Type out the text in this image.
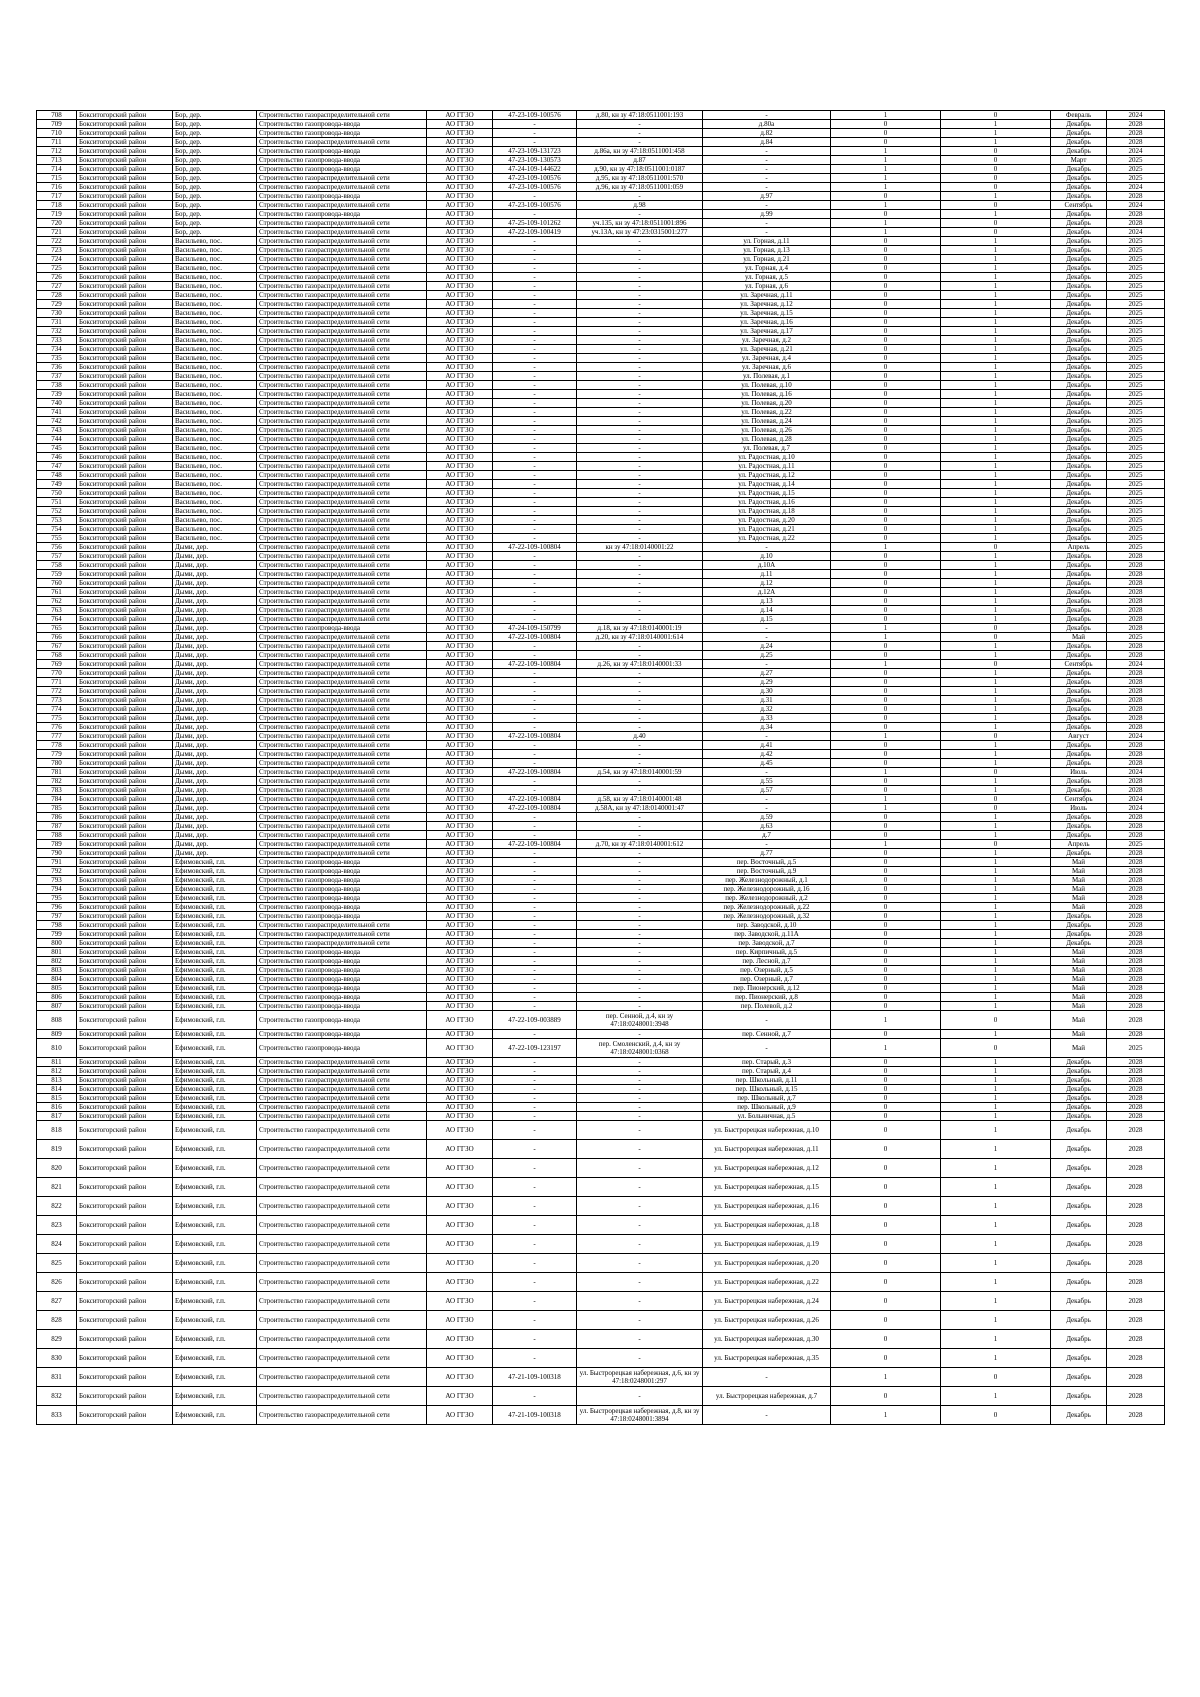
708	Бокситогорский район	Бор, дер.	Строительство газораспределительной сети	АО ГГЗО	47-23-109-100576	д.80, кн зу 47:18:0511001:193	-	1	0	Февраль	2024
709	Бокситогорский район	Бор, дер.	Строительство газопровода-ввода	АО ГГЗО	-	-	д.80а	0	1	Декабрь	2028
710	Бокситогорский район	Бор, дер.	Строительство газопровода-ввода	АО ГГЗО	-	-	д.82	0	1	Декабрь	2028
711	Бокситогорский район	Бор, дер.	Строительство газораспределительной сети	АО ГГЗО	-	-	д.84	0	1	Декабрь	2028
712	Бокситогорский район	Бор, дер.	Строительство газопровода-ввода	АО ГГЗО	47-23-109-131723	д.86а, кн зу 47:18:0511001:458	-	1	0	Декабрь	2024
713	Бокситогорский район	Бор, дер.	Строительство газопровода-ввода	АО ГГЗО	47-23-109-130573	д.87	-	1	0	Март	2025
714	Бокситогорский район	Бор, дер.	Строительство газопровода-ввода	АО ГГЗО	47-24-109-144622	д.90, кн зу 47:18:0511001:0187	-	1	0	Декабрь	2025
715	Бокситогорский район	Бор, дер.	Строительство газораспределительной сети	АО ГГЗО	47-23-109-100576	д.95, кн зу 47:18:0511001:570	-	1	0	Декабрь	2025
716	Бокситогорский район	Бор, дер.	Строительство газораспределительной сети	АО ГГЗО	47-23-109-100576	д.96, кн зу 47:18:0511001:059	-	1	0	Декабрь	2024
717	Бокситогорский район	Бор, дер.	Строительство газопровода-ввода	АО ГГЗО	-	-	д.97	0	1	Декабрь	2028
718	Бокситогорский район	Бор, дер.	Строительство газораспределительной сети	АО ГГЗО	47-23-109-100576	д.98	-	1	0	Сентябрь	2024
719	Бокситогорский район	Бор, дер.	Строительство газопровода-ввода	АО ГГЗО	-	-	д.99	0	1	Декабрь	2028
720	Бокситогорский район	Бор, дер.	Строительство газораспределительной сети	АО ГГЗО	47-25-109-101262	уч.135, кн зу 47:18:0511001:896	-	1	0	Декабрь	2028
721	Бокситогорский район	Бор, дер.	Строительство газораспределительной сети	АО ГГЗО	47-22-109-100419	уч.13А, кн зу 47:23:0315001:277	-	1	0	Декабрь	2024
722	Бокситогорский район	Васильево, пос.	Строительство газораспределительной сети	АО ГГЗО	-	-	ул. Горная, д.11	0	1	Декабрь	2025
723	Бокситогорский район	Васильево, пос.	Строительство газораспределительной сети	АО ГГЗО	-	-	ул. Горная, д.13	0	1	Декабрь	2025
724	Бокситогорский район	Васильево, пос.	Строительство газораспределительной сети	АО ГГЗО	-	-	ул. Горная, д.21	0	1	Декабрь	2025
725	Бокситогорский район	Васильево, пос.	Строительство газораспределительной сети	АО ГГЗО	-	-	ул. Горная, д.4	0	1	Декабрь	2025
726	Бокситогорский район	Васильево, пос.	Строительство газораспределительной сети	АО ГГЗО	-	-	ул. Горная, д.5	0	1	Декабрь	2025
727	Бокситогорский район	Васильево, пос.	Строительство газораспределительной сети	АО ГГЗО	-	-	ул. Горная, д.6	0	1	Декабрь	2025
728	Бокситогорский район	Васильево, пос.	Строительство газораспределительной сети	АО ГГЗО	-	-	ул. Заречная, д.11	0	1	Декабрь	2025
729	Бокситогорский район	Васильево, пос.	Строительство газораспределительной сети	АО ГГЗО	-	-	ул. Заречная, д.12	0	1	Декабрь	2025
730	Бокситогорский район	Васильево, пос.	Строительство газораспределительной сети	АО ГГЗО	-	-	ул. Заречная, д.15	0	1	Декабрь	2025
731	Бокситогорский район	Васильево, пос.	Строительство газораспределительной сети	АО ГГЗО	-	-	ул. Заречная, д.16	0	1	Декабрь	2025
732	Бокситогорский район	Васильево, пос.	Строительство газораспределительной сети	АО ГГЗО	-	-	ул. Заречная, д.17	0	1	Декабрь	2025
733	Бокситогорский район	Васильево, пос.	Строительство газораспределительной сети	АО ГГЗО	-	-	ул. Заречная, д.2	0	1	Декабрь	2025
734	Бокситогорский район	Васильево, пос.	Строительство газораспределительной сети	АО ГГЗО	-	-	ул. Заречная, д.21	0	1	Декабрь	2025
735	Бокситогорский район	Васильево, пос.	Строительство газораспределительной сети	АО ГГЗО	-	-	ул. Заречная, д.4	0	1	Декабрь	2025
736	Бокситогорский район	Васильево, пос.	Строительство газораспределительной сети	АО ГГЗО	-	-	ул. Заречная, д.6	0	1	Декабрь	2025
737	Бокситогорский район	Васильево, пос.	Строительство газораспределительной сети	АО ГГЗО	-	-	ул. Полевая, д.1	0	1	Декабрь	2025
738	Бокситогорский район	Васильево, пос.	Строительство газораспределительной сети	АО ГГЗО	-	-	ул. Полевая, д.10	0	1	Декабрь	2025
739	Бокситогорский район	Васильево, пос.	Строительство газораспределительной сети	АО ГГЗО	-	-	ул. Полевая, д.16	0	1	Декабрь	2025
740	Бокситогорский район	Васильево, пос.	Строительство газораспределительной сети	АО ГГЗО	-	-	ул. Полевая, д.20	0	1	Декабрь	2025
741	Бокситогорский район	Васильево, пос.	Строительство газораспределительной сети	АО ГГЗО	-	-	ул. Полевая, д.22	0	1	Декабрь	2025
742	Бокситогорский район	Васильево, пос.	Строительство газораспределительной сети	АО ГГЗО	-	-	ул. Полевая, д.24	0	1	Декабрь	2025
743	Бокситогорский район	Васильево, пос.	Строительство газораспределительной сети	АО ГГЗО	-	-	ул. Полевая, д.26	0	1	Декабрь	2025
744	Бокситогорский район	Васильево, пос.	Строительство газораспределительной сети	АО ГГЗО	-	-	ул. Полевая, д.28	0	1	Декабрь	2025
745	Бокситогорский район	Васильево, пос.	Строительство газораспределительной сети	АО ГГЗО	-	-	ул. Полевая, д.7	0	1	Декабрь	2025
746	Бокситогорский район	Васильево, пос.	Строительство газораспределительной сети	АО ГГЗО	-	-	ул. Радостная, д.10	0	1	Декабрь	2025
747	Бокситогорский район	Васильево, пос.	Строительство газораспределительной сети	АО ГГЗО	-	-	ул. Радостная, д.11	0	1	Декабрь	2025
748	Бокситогорский район	Васильево, пос.	Строительство газораспределительной сети	АО ГГЗО	-	-	ул. Радостная, д.12	0	1	Декабрь	2025
749	Бокситогорский район	Васильево, пос.	Строительство газораспределительной сети	АО ГГЗО	-	-	ул. Радостная, д.14	0	1	Декабрь	2025
750	Бокситогорский район	Васильево, пос.	Строительство газораспределительной сети	АО ГГЗО	-	-	ул. Радостная, д.15	0	1	Декабрь	2025
751	Бокситогорский район	Васильево, пос.	Строительство газораспределительной сети	АО ГГЗО	-	-	ул. Радостная, д.16	0	1	Декабрь	2025
752	Бокситогорский район	Васильево, пос.	Строительство газораспределительной сети	АО ГГЗО	-	-	ул. Радостная, д.18	0	1	Декабрь	2025
753	Бокситогорский район	Васильево, пос.	Строительство газораспределительной сети	АО ГГЗО	-	-	ул. Радостная, д.20	0	1	Декабрь	2025
754	Бокситогорский район	Васильево, пос.	Строительство газораспределительной сети	АО ГГЗО	-	-	ул. Радостная, д.21	0	1	Декабрь	2025
755	Бокситогорский район	Васильево, пос.	Строительство газораспределительной сети	АО ГГЗО	-	-	ул. Радостная, д.22	0	1	Декабрь	2025
756	Бокситогорский район	Дыми, дер.	Строительство газораспределительной сети	АО ГГЗО	47-22-109-100804	кн зу 47:18:0140001:22	-	1	0	Апрель	2025
757	Бокситогорский район	Дыми, дер.	Строительство газораспределительной сети	АО ГГЗО	-	-	д.10	0	1	Декабрь	2028
758	Бокситогорский район	Дыми, дер.	Строительство газораспределительной сети	АО ГГЗО	-	-	д.10А	0	1	Декабрь	2028
759	Бокситогорский район	Дыми, дер.	Строительство газораспределительной сети	АО ГГЗО	-	-	д.11	0	1	Декабрь	2028
760	Бокситогорский район	Дыми, дер.	Строительство газораспределительной сети	АО ГГЗО	-	-	д.12	0	1	Декабрь	2028
761	Бокситогорский район	Дыми, дер.	Строительство газораспределительной сети	АО ГГЗО	-	-	д.12А	0	1	Декабрь	2028
762	Бокситогорский район	Дыми, дер.	Строительство газораспределительной сети	АО ГГЗО	-	-	д.13	0	1	Декабрь	2028
763	Бокситогорский район	Дыми, дер.	Строительство газораспределительной сети	АО ГГЗО	-	-	д.14	0	1	Декабрь	2028
764	Бокситогорский район	Дыми, дер.	Строительство газораспределительной сети	АО ГГЗО	-	-	д.15	0	1	Декабрь	2028
765	Бокситогорский район	Дыми, дер.	Строительство газопровода-ввода	АО ГГЗО	47-24-109-150799	д.18, кн зу 47:18:0140001:19	-	1	0	Декабрь	2028
766	Бокситогорский район	Дыми, дер.	Строительство газораспределительной сети	АО ГГЗО	47-22-109-100804	д.20, кн зу 47:18:0140001:614	-	1	0	Май	2025
767	Бокситогорский район	Дыми, дер.	Строительство газораспределительной сети	АО ГГЗО	-	-	д.24	0	1	Декабрь	2028
768	Бокситогорский район	Дыми, дер.	Строительство газораспределительной сети	АО ГГЗО	-	-	д.25	0	1	Декабрь	2028
769	Бокситогорский район	Дыми, дер.	Строительство газораспределительной сети	АО ГГЗО	47-22-109-100804	д.26, кн зу 47:18:0140001:33	-	1	0	Сентябрь	2024
770	Бокситогорский район	Дыми, дер.	Строительство газораспределительной сети	АО ГГЗО	-	-	д.27	0	1	Декабрь	2028
771	Бокситогорский район	Дыми, дер.	Строительство газораспределительной сети	АО ГГЗО	-	-	д.29	0	1	Декабрь	2028
772	Бокситогорский район	Дыми, дер.	Строительство газораспределительной сети	АО ГГЗО	-	-	д.30	0	1	Декабрь	2028
773	Бокситогорский район	Дыми, дер.	Строительство газораспределительной сети	АО ГГЗО	-	-	д.31	0	1	Декабрь	2028
774	Бокситогорский район	Дыми, дер.	Строительство газораспределительной сети	АО ГГЗО	-	-	д.32	0	1	Декабрь	2028
775	Бокситогорский район	Дыми, дер.	Строительство газораспределительной сети	АО ГГЗО	-	-	д.33	0	1	Декабрь	2028
776	Бокситогорский район	Дыми, дер.	Строительство газораспределительной сети	АО ГГЗО	-	-	д.34	0	1	Декабрь	2028
777	Бокситогорский район	Дыми, дер.	Строительство газораспределительной сети	АО ГГЗО	47-22-109-100804	д.40	-	1	0	Август	2024
778	Бокситогорский район	Дыми, дер.	Строительство газораспределительной сети	АО ГГЗО	-	-	д.41	0	1	Декабрь	2028
779	Бокситогорский район	Дыми, дер.	Строительство газораспределительной сети	АО ГГЗО	-	-	д.42	0	1	Декабрь	2028
780	Бокситогорский район	Дыми, дер.	Строительство газораспределительной сети	АО ГГЗО	-	-	д.45	0	1	Декабрь	2028
781	Бокситогорский район	Дыми, дер.	Строительство газораспределительной сети	АО ГГЗО	47-22-109-100804	д.54, кн зу 47:18:0140001:59	-	1	0	Июль	2024
782	Бокситогорский район	Дыми, дер.	Строительство газораспределительной сети	АО ГГЗО	-	-	д.55	0	1	Декабрь	2028
783	Бокситогорский район	Дыми, дер.	Строительство газораспределительной сети	АО ГГЗО	-	-	д.57	0	1	Декабрь	2028
784	Бокситогорский район	Дыми, дер.	Строительство газораспределительной сети	АО ГГЗО	47-22-109-100804	д.58, кн зу 47:18:0140001:48	-	1	0	Сентябрь	2024
785	Бокситогорский район	Дыми, дер.	Строительство газораспределительной сети	АО ГГЗО	47-22-109-100804	д.58А, кн зу 47:18:0140001:47	-	1	0	Июль	2024
786	Бокситогорский район	Дыми, дер.	Строительство газораспределительной сети	АО ГГЗО	-	-	д.59	0	1	Декабрь	2028
787	Бокситогорский район	Дыми, дер.	Строительство газораспределительной сети	АО ГГЗО	-	-	д.63	0	1	Декабрь	2028
788	Бокситогорский район	Дыми, дер.	Строительство газораспределительной сети	АО ГГЗО	-	-	д.7	0	1	Декабрь	2028
789	Бокситогорский район	Дыми, дер.	Строительство газораспределительной сети	АО ГГЗО	47-22-109-100804	д.70, кн зу 47:18:0140001:612	-	1	0	Апрель	2025
790	Бокситогорский район	Дыми, дер.	Строительство газораспределительной сети	АО ГГЗО	-	-	д.77	0	1	Декабрь	2028
791	Бокситогорский район	Ефимовский, г.п.	Строительство газопровода-ввода	АО ГГЗО	-	-	пер. Восточный, д.5	0	1	Май	2028
792	Бокситогорский район	Ефимовский, г.п.	Строительство газопровода-ввода	АО ГГЗО	-	-	пер. Восточный, д.9	0	1	Май	2028
793	Бокситогорский район	Ефимовский, г.п.	Строительство газопровода-ввода	АО ГГЗО	-	-	пер. Железнодорожный, д.1	0	1	Май	2028
794	Бокситогорский район	Ефимовский, г.п.	Строительство газопровода-ввода	АО ГГЗО	-	-	пер. Железнодорожный, д.16	0	1	Май	2028
795	Бокситогорский район	Ефимовский, г.п.	Строительство газопровода-ввода	АО ГГЗО	-	-	пер. Железнодорожный, д.2	0	1	Май	2028
796	Бокситогорский район	Ефимовский, г.п.	Строительство газопровода-ввода	АО ГГЗО	-	-	пер. Железнодорожный, д.22	0	1	Май	2028
797	Бокситогорский район	Ефимовский, г.п.	Строительство газопровода-ввода	АО ГГЗО	-	-	пер. Железнодорожный, д.32	0	1	Декабрь	2028
798	Бокситогорский район	Ефимовский, г.п.	Строительство газораспределительной сети	АО ГГЗО	-	-	пер. Заводской, д.10	0	1	Декабрь	2028
799	Бокситогорский район	Ефимовский, г.п.	Строительство газораспределительной сети	АО ГГЗО	-	-	пер. Заводской, д.11А	0	1	Декабрь	2028
800	Бокситогорский район	Ефимовский, г.п.	Строительство газораспределительной сети	АО ГГЗО	-	-	пер. Заводской, д.7	0	1	Декабрь	2028
801	Бокситогорский район	Ефимовский, г.п.	Строительство газопровода-ввода	АО ГГЗО	-	-	пер. Кирпичный, д.5	0	1	Май	2028
802	Бокситогорский район	Ефимовский, г.п.	Строительство газопровода-ввода	АО ГГЗО	-	-	пер. Лесной, д.7	0	1	Май	2028
803	Бокситогорский район	Ефимовский, г.п.	Строительство газопровода-ввода	АО ГГЗО	-	-	пер. Озерный, д.5	0	1	Май	2028
804	Бокситогорский район	Ефимовский, г.п.	Строительство газопровода-ввода	АО ГГЗО	-	-	пер. Озерный, д.7	0	1	Май	2028
805	Бокситогорский район	Ефимовский, г.п.	Строительство газопровода-ввода	АО ГГЗО	-	-	пер. Пионерский, д.12	0	1	Май	2028
806	Бокситогорский район	Ефимовский, г.п.	Строительство газопровода-ввода	АО ГГЗО	-	-	пер. Пионерский, д.8	0	1	Май	2028
807	Бокситогорский район	Ефимовский, г.п.	Строительство газопровода-ввода	АО ГГЗО	-	-	пер. Полевой, д.2	0	1	Май	2028
808	Бокситогорский район	Ефимовский, г.п.	Строительство газопровода-ввода	АО ГГЗО	47-22-109-003889	пер. Сенной, д.4, кн зу 47:18:0248001:3948	-	1	0	Май	2028
809	Бокситогорский район	Ефимовский, г.п.	Строительство газопровода-ввода	АО ГГЗО	-	-	пер. Сенной, д.7	0	1	Май	2028
810	Бокситогорский район	Ефимовский, г.п.	Строительство газопровода-ввода	АО ГГЗО	47-22-109-123197	пер. Смоленский, д.4, кн зу 47:18:0248001:0368	-	1	0	Май	2025
811	Бокситогорский район	Ефимовский, г.п.	Строительство газораспределительной сети	АО ГГЗО	-	-	пер. Старый, д.3	0	1	Декабрь	2028
812	Бокситогорский район	Ефимовский, г.п.	Строительство газораспределительной сети	АО ГГЗО	-	-	пер. Старый, д.4	0	1	Декабрь	2028
813	Бокситогорский район	Ефимовский, г.п.	Строительство газораспределительной сети	АО ГГЗО	-	-	пер. Школьный, д.11	0	1	Декабрь	2028
814	Бокситогорский район	Ефимовский, г.п.	Строительство газораспределительной сети	АО ГГЗО	-	-	пер. Школьный, д.15	0	1	Декабрь	2028
815	Бокситогорский район	Ефимовский, г.п.	Строительство газораспределительной сети	АО ГГЗО	-	-	пер. Школьный, д.7	0	1	Декабрь	2028
816	Бокситогорский район	Ефимовский, г.п.	Строительство газораспределительной сети	АО ГГЗО	-	-	пер. Школьный, д.9	0	1	Декабрь	2028
817	Бокситогорский район	Ефимовский, г.п.	Строительство газораспределительной сети	АО ГГЗО	-	-	ул. Больничная, д.5	0	1	Декабрь	2028
818	Бокситогорский район	Ефимовский, г.п.	Строительство газораспределительной сети	АО ГГЗО	-	-	ул. Быстрорецкая набережная, д.10	0	1	Декабрь	2028
819	Бокситогорский район	Ефимовский, г.п.	Строительство газораспределительной сети	АО ГГЗО	-	-	ул. Быстрорецкая набережная, д.11	0	1	Декабрь	2028
820	Бокситогорский район	Ефимовский, г.п.	Строительство газораспределительной сети	АО ГГЗО	-	-	ул. Быстрорецкая набережная, д.12	0	1	Декабрь	2028
821	Бокситогорский район	Ефимовский, г.п.	Строительство газораспределительной сети	АО ГГЗО	-	-	ул. Быстрорецкая набережная, д.15	0	1	Декабрь	2028
822	Бокситогорский район	Ефимовский, г.п.	Строительство газораспределительной сети	АО ГГЗО	-	-	ул. Быстрорецкая набережная, д.16	0	1	Декабрь	2028
823	Бокситогорский район	Ефимовский, г.п.	Строительство газораспределительной сети	АО ГГЗО	-	-	ул. Быстрорецкая набережная, д.18	0	1	Декабрь	2028
824	Бокситогорский район	Ефимовский, г.п.	Строительство газораспределительной сети	АО ГГЗО	-	-	ул. Быстрорецкая набережная, д.19	0	1	Декабрь	2028
825	Бокситогорский район	Ефимовский, г.п.	Строительство газораспределительной сети	АО ГГЗО	-	-	ул. Быстрорецкая набережная, д.20	0	1	Декабрь	2028
826	Бокситогорский район	Ефимовский, г.п.	Строительство газораспределительной сети	АО ГГЗО	-	-	ул. Быстрорецкая набережная, д.22	0	1	Декабрь	2028
827	Бокситогорский район	Ефимовский, г.п.	Строительство газораспределительной сети	АО ГГЗО	-	-	ул. Быстрорецкая набережная, д.24	0	1	Декабрь	2028
828	Бокситогорский район	Ефимовский, г.п.	Строительство газораспределительной сети	АО ГГЗО	-	-	ул. Быстрорецкая набережная, д.26	0	1	Декабрь	2028
829	Бокситогорский район	Ефимовский, г.п.	Строительство газораспределительной сети	АО ГГЗО	-	-	ул. Быстрорецкая набережная, д.30	0	1	Декабрь	2028
830	Бокситогорский район	Ефимовский, г.п.	Строительство газораспределительной сети	АО ГГЗО	-	-	ул. Быстрорецкая набережная, д.35	0	1	Декабрь	2028
831	Бокситогорский район	Ефимовский, г.п.	Строительство газораспределительной сети	АО ГГЗО	47-21-109-100318	ул. Быстрорецкая набережная, д.6, кн зу 47:18:0248001:297	-	1	0	Декабрь	2028
832	Бокситогорский район	Ефимовский, г.п.	Строительство газораспределительной сети	АО ГГЗО	-	-	ул. Быстрорецкая набережная, д.7	0	1	Декабрь	2028
833	Бокситогорский район	Ефимовский, г.п.	Строительство газораспределительной сети	АО ГГЗО	47-21-109-100318	ул. Быстрорецкая набережная, д.8, кн зу 47:18:0248001:3894	-	1	0	Декабрь	2028
